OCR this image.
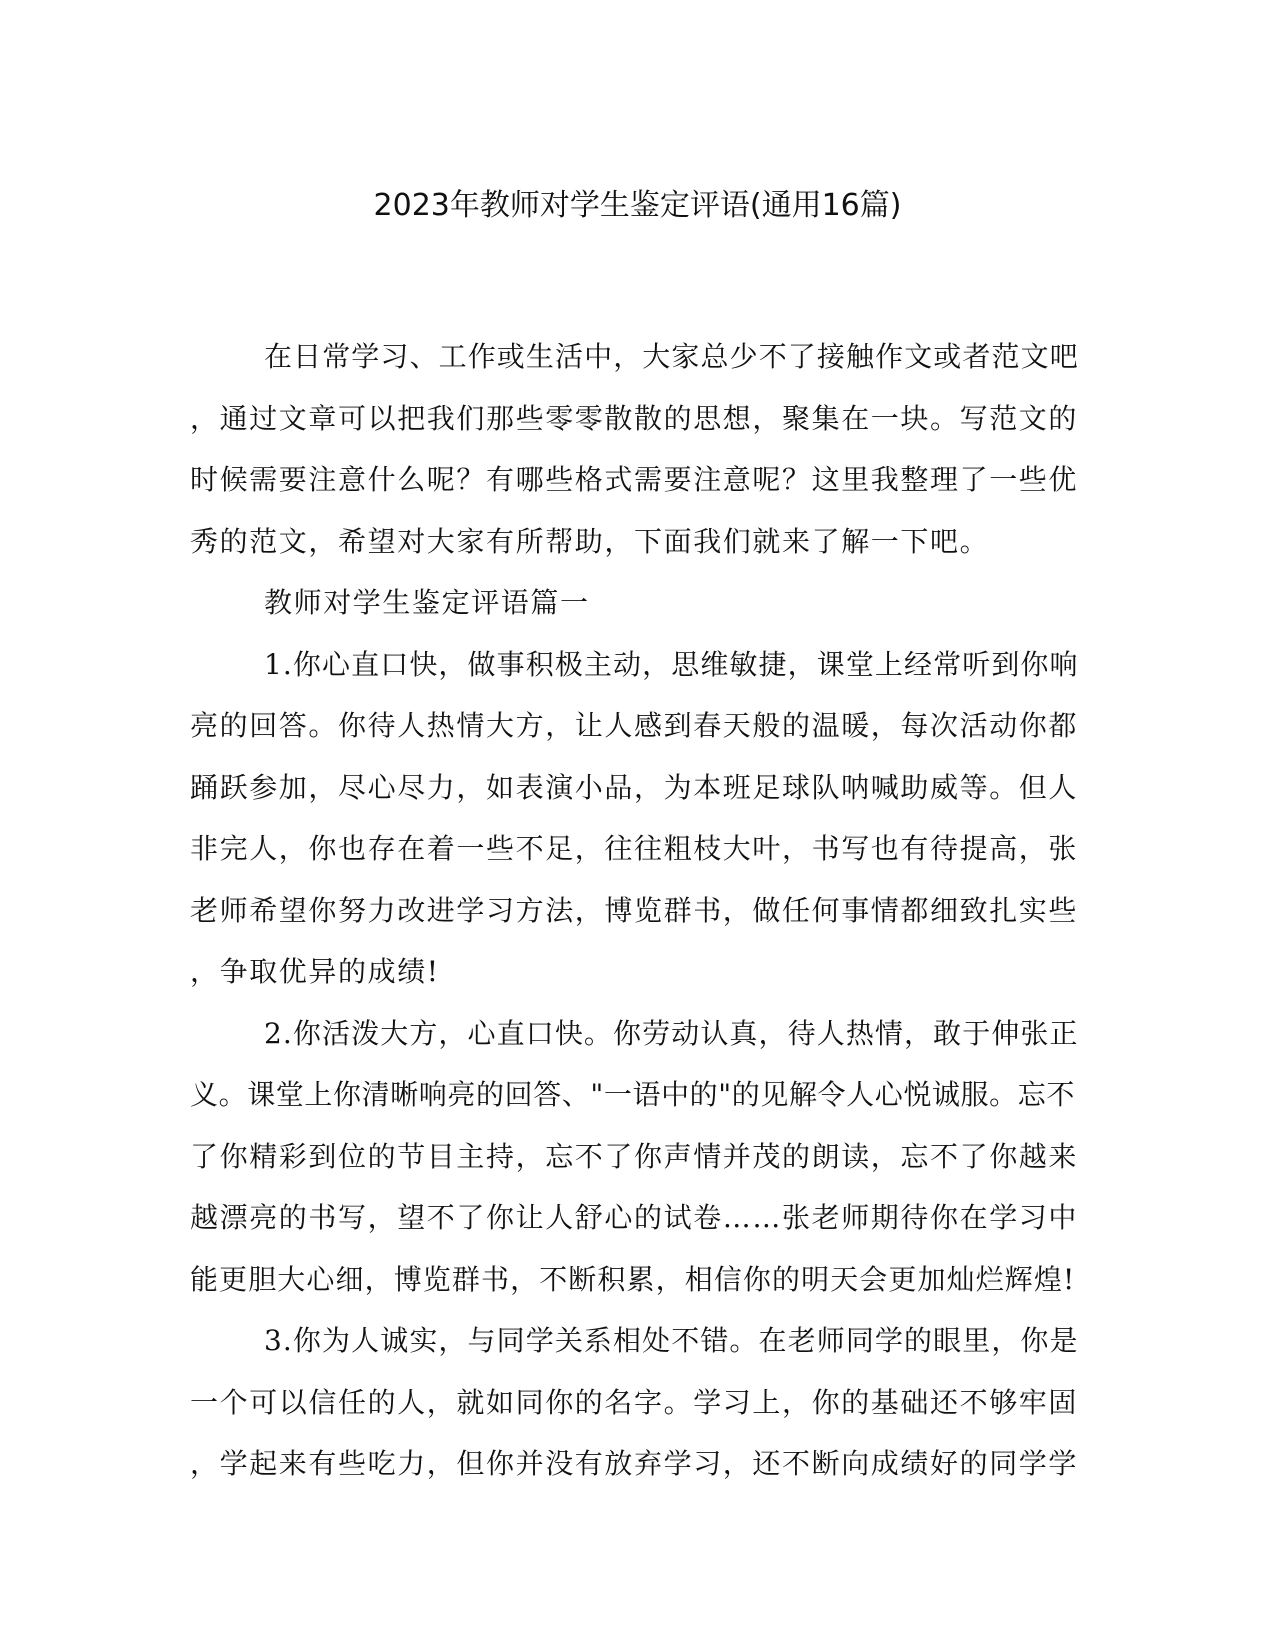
2023年教师对学生鉴定评语(通用16篇)
在日常学习、工作或生活中，大家总少不了接触作文或者范文吧
，通过文章可以把我们那些零零散散的思想，聚集在一块。写范文的
时候需要注意什么呢？有哪些格式需要注意呢？这里我整理了一些优
秀的范文，希望对大家有所帮助，下面我们就来了解一下吧。
教师对学生鉴定评语篇一
1.你心直口快，做事积极主动，思维敏捷，课堂上经常听到你响
亮的回答。你待人热情大方，让人感到春天般的温暖，每次活动你都
踊跃参加，尽心尽力，如表演小品，为本班足球队呐喊助威等。但人
非完人，你也存在着一些不足，往往粗枝大叶，书写也有待提高，张
老师希望你努力改进学习方法，博览群书，做任何事情都细致扎实些
，争取优异的成绩!
2.你活泼大方，心直口快。你劳动认真，待人热情，敢于伸张正
义。课堂上你清晰响亮的回答、"一语中的"的见解令人心悦诚服。忘不
了你精彩到位的节目主持，忘不了你声情并茂的朗读，忘不了你越来
越漂亮的书写，望不了你让人舒心的试卷……张老师期待你在学习中
能更胆大心细，博览群书，不断积累，相信你的明天会更加灿烂辉煌!
3.你为人诚实，与同学关系相处不错。在老师同学的眼里，你是
一个可以信任的人，就如同你的名字。学习上，你的基础还不够牢固
，学起来有些吃力，但你并没有放弃学习，还不断向成绩好的同学学
